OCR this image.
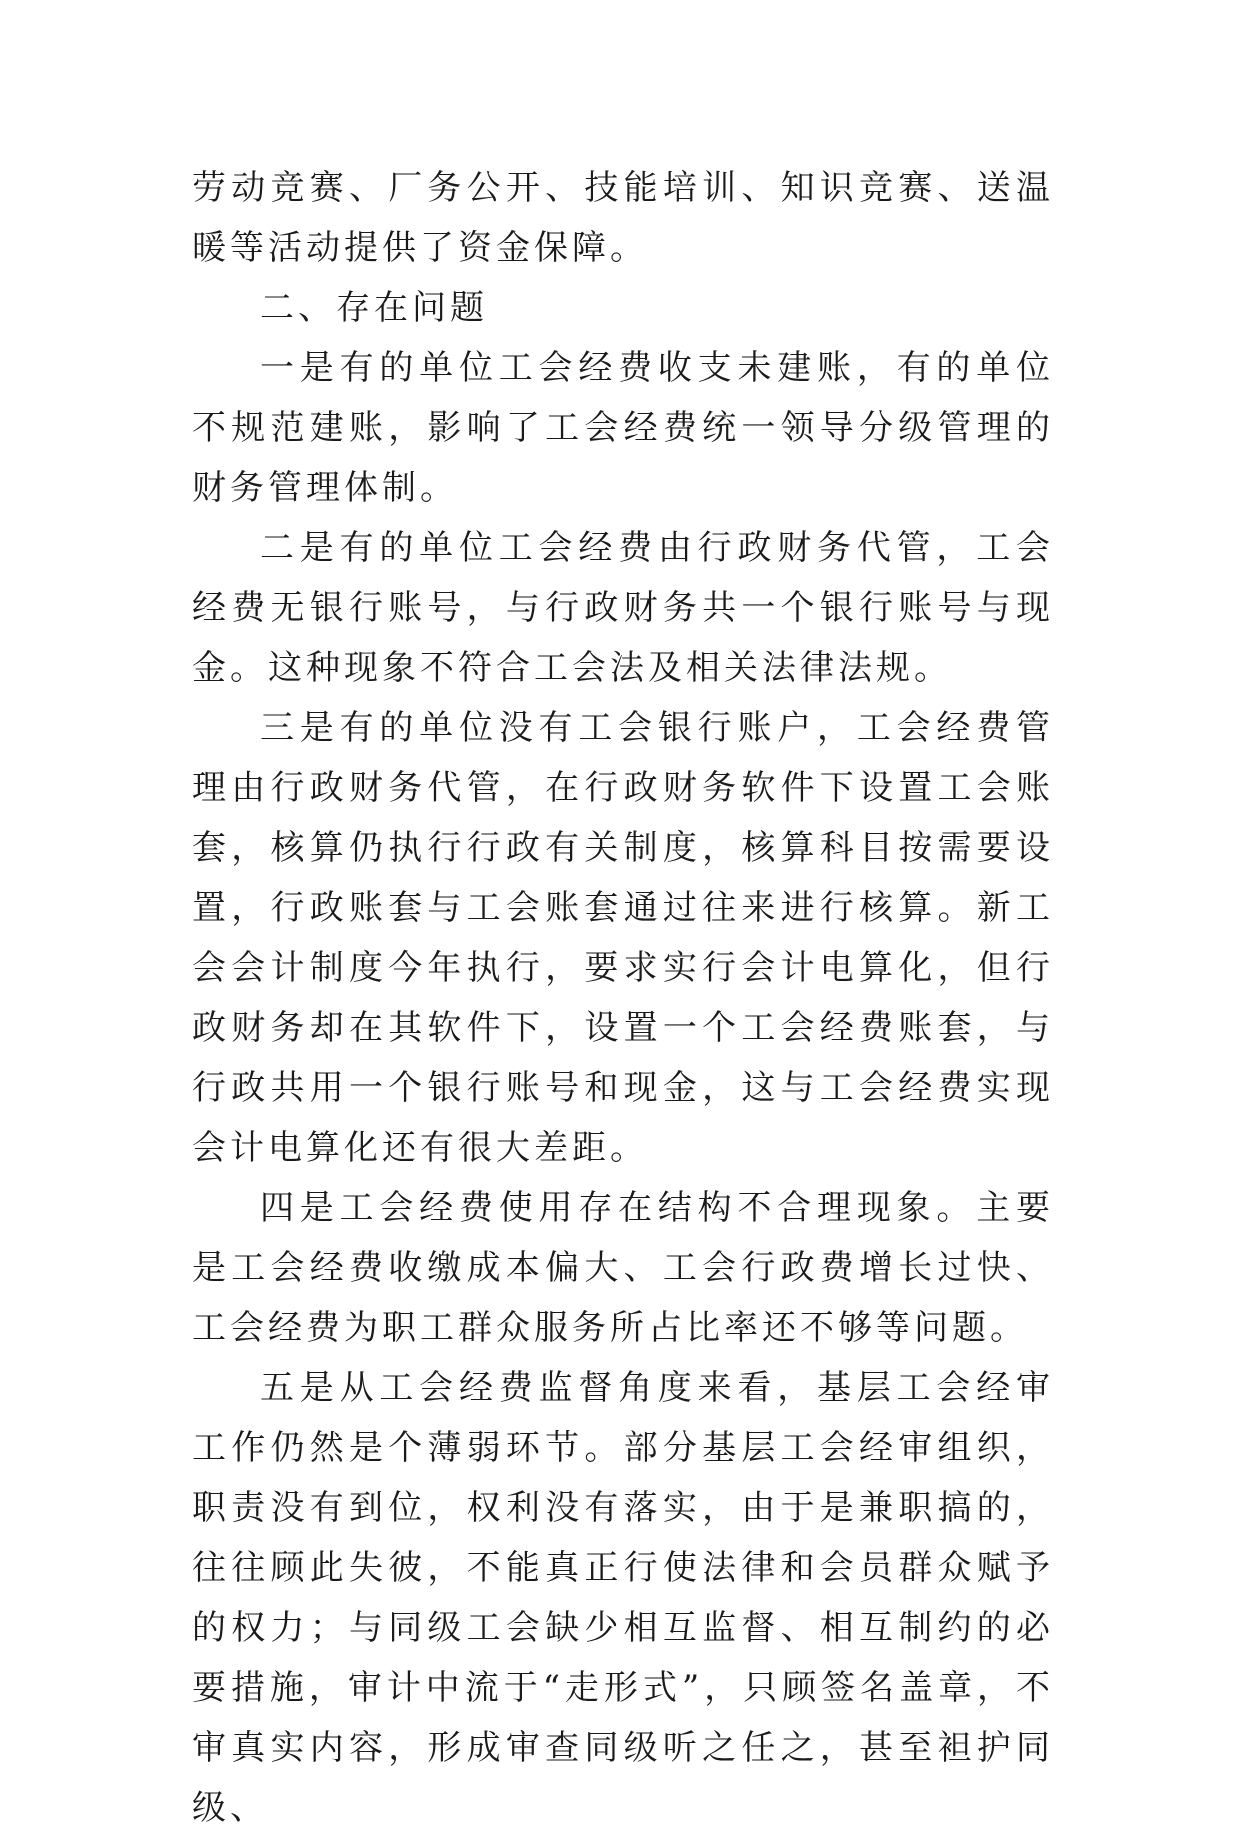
劳动竞赛、厂务公开、技能培训、知识竞赛、送温暖等活动提供了资金保障。

二、存在问题

一是有的单位工会经费收支未建账，有的单位不规范建账，影响了工会经费统一领导分级管理的财务管理体制。

二是有的单位工会经费由行政财务代管，工会经费无银行账号，与行政财务共一个银行账号与现金。这种现象不符合工会法及相关法律法规。

三是有的单位没有工会银行账户，工会经费管理由行政财务代管，在行政财务软件下设置工会账套，核算仍执行行政有关制度，核算科目按需要设置，行政账套与工会账套通过往来进行核算。新工会会计制度今年执行，要求实行会计电算化，但行政财务却在其软件下，设置一个工会经费账套，与行政共用一个银行账号和现金，这与工会经费实现会计电算化还有很大差距。

四是工会经费使用存在结构不合理现象。主要是工会经费收缴成本偏大、工会行政费增长过快、工会经费为职工群众服务所占比率还不够等问题。

五是从工会经费监督角度来看，基层工会经审工作仍然是个薄弱环节。部分基层工会经审组织，职责没有到位，权利没有落实，由于是兼职搞的，往往顾此失彼，不能真正行使法律和会员群众赋予的权力；与同级工会缺少相互监督、相互制约的必要措施，审计中流于“走形式”，只顾签名盖章，不审真实内容，形成审查同级听之任之，甚至袒护同级、
